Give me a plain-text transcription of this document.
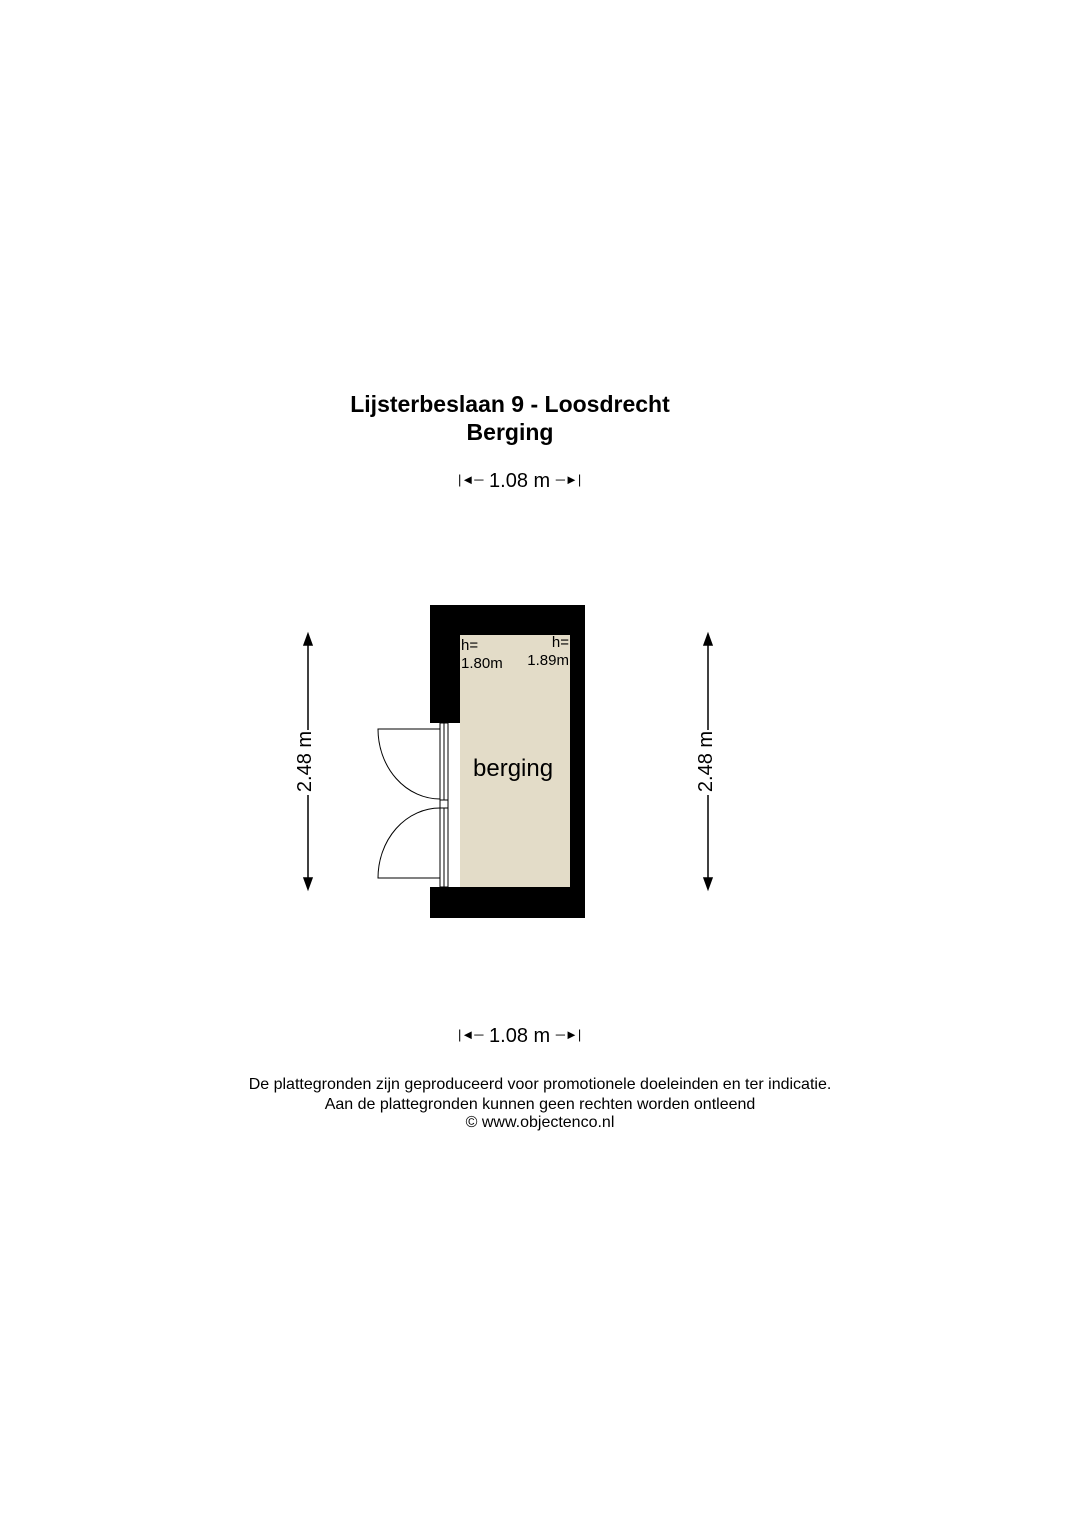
Lijsterbeslaan 9 - Loosdrecht
Berging
|◄─ 1.08 m ─►|
2.48 m	2.48 m
h=
1.80m
h=
1.89m
berging
|◄─ 1.08 m ─►|
De plattegronden zijn geproduceerd voor promotionele doeleinden en ter indicatie.
Aan de plattegronden kunnen geen rechten worden ontleend
© www.objectenco.nl
